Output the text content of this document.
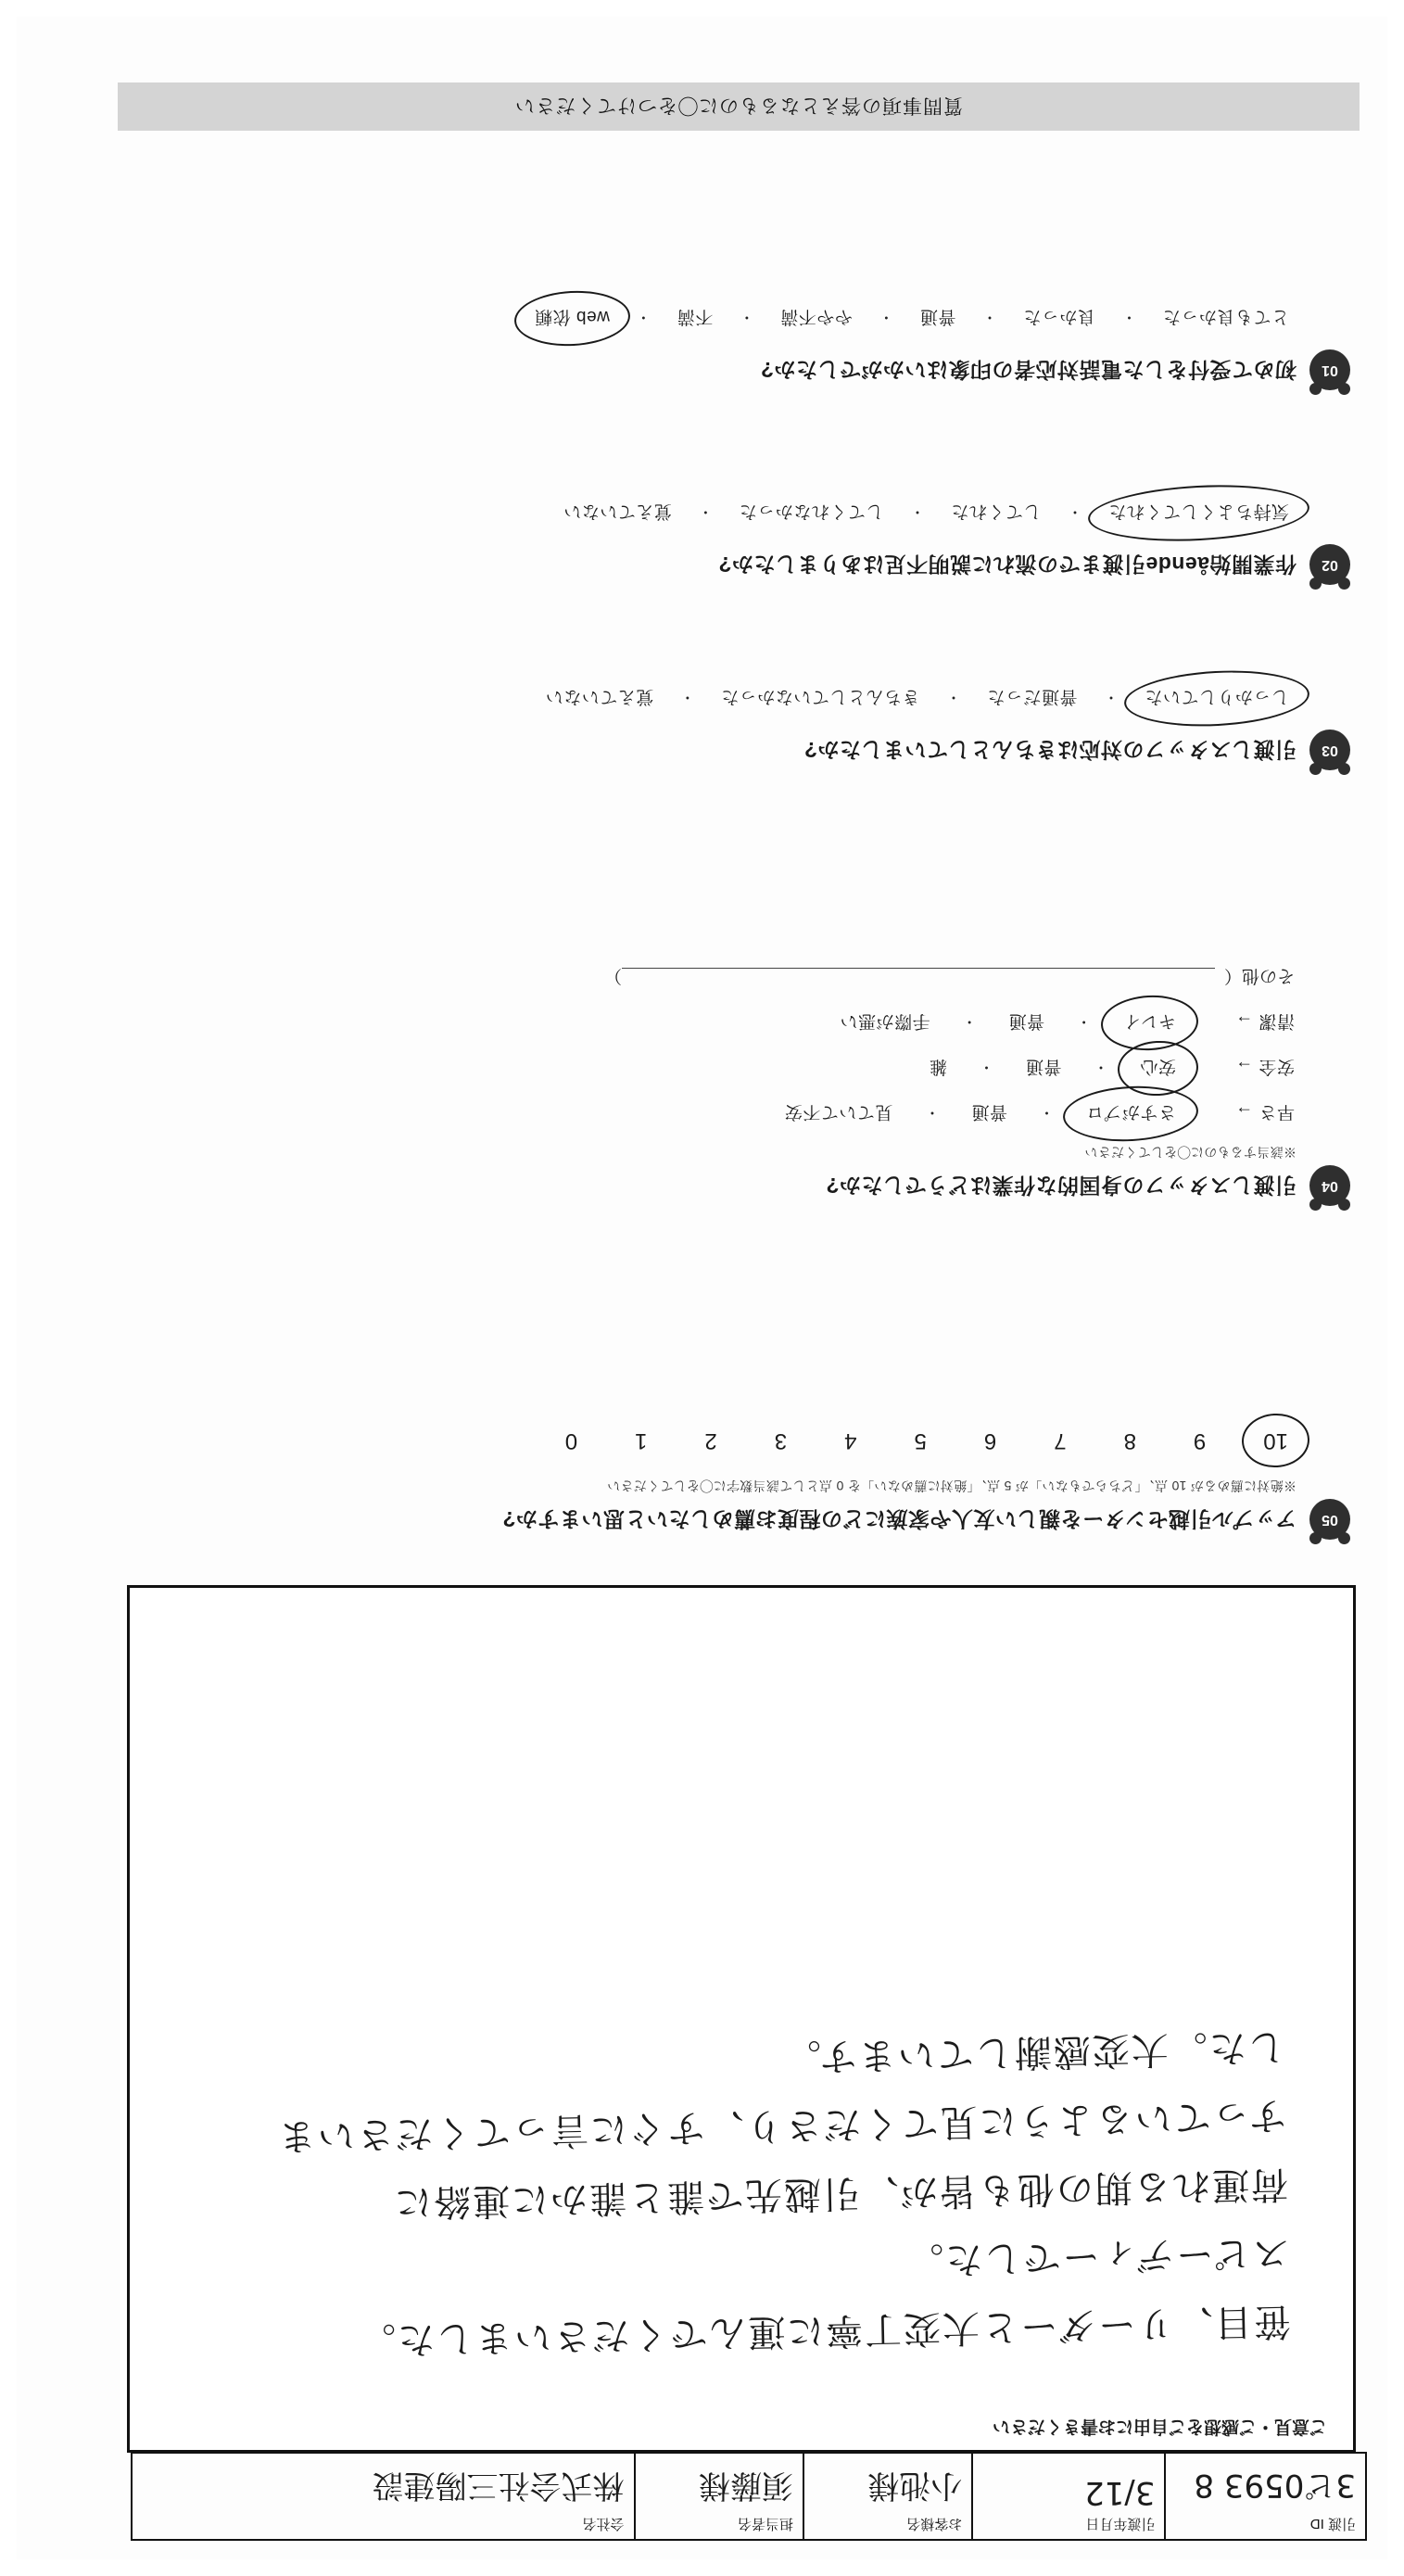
引渡 ID
3ピ0593 8
引渡年月日
3/12
お客様名
小池様
担当者名
須藤様
会社名
株式会社三陽建設
ご意見・ご感想をご自由にお書きください
笹目、リーダーと大変丁寧に運んでくださいました。
スピーディーでした。
荷運れる期の他も皆が、引越先で誰と誰かに連絡に
すっているように見てくださり、すぐに言ってくださいま
した。大変感謝しています。
05
アップル引越センターを親しい友人や家族にどの程度お薦めしたいと思いますか?
※絶対に薦めるが 10 点、「どちらでもない」が 5 点、「絶対に薦めない」を 0 点として該当数字に◯をしてください
10
9
8
7
6
5
4
3
2
1
0
04
引渡しスタッフの身国的な作業はどうでしたか?
※該当するものに◯をしてください
早さ →
さすがプロ
・
普通
・
見ていて不安
安全 →
安心
・
普通
・
雑
清潔 →
キレイ
・
普通
・
手際が悪い
その他
（
）
03
引渡しスタッフの対応はきちんとしていましたか?
しっかりしていた
・
普通だった
・
きちんとしていなかった
・
覚えていない
02
作業開始ående引渡までの流れに説明不足はありましたか?
気持ちよくしてくれた
・
してくれた
・
してくれなかった
・
覚えていない
01
初めて受付をした電話対応者の印象はいかがでしたか?
とても良かった
・
良かった
・
普通
・
やや不満
・
不満
・
web 依頼
質問事項の答えとなるものに◯をつけてください
